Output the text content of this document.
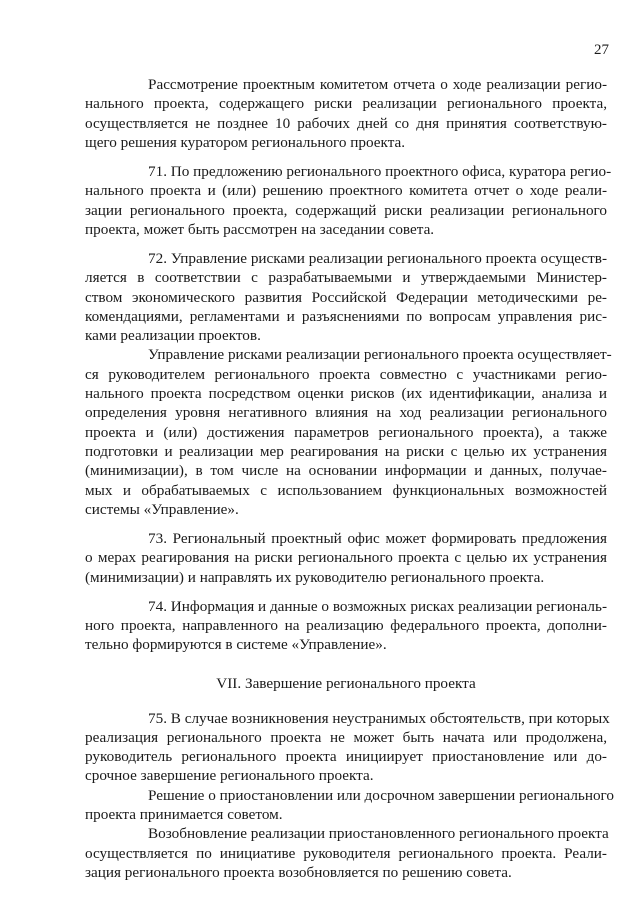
27
Рассмотрение проектным комитетом отчета о ходе реализации регио-
нального проекта, содержащего риски реализации регионального проекта,
осуществляется не позднее 10 рабочих дней со дня принятия соответствую-
щего решения куратором регионального проекта.
71. По предложению регионального проектного офиса, куратора регио-
нального проекта и (или) решению проектного комитета отчет о ходе реали-
зации регионального проекта, содержащий риски реализации регионального
проекта, может быть рассмотрен на заседании совета.
72. Управление рисками реализации регионального проекта осуществ-
ляется в соответствии с разрабатываемыми и утверждаемыми Министер-
ством экономического развития Российской Федерации методическими ре-
комендациями, регламентами и разъяснениями по вопросам управления рис-
ками реализации проектов.
Управление рисками реализации регионального проекта осуществляет-
ся руководителем регионального проекта совместно с участниками регио-
нального проекта посредством оценки рисков (их идентификации, анализа и
определения уровня негативного влияния на ход реализации регионального
проекта и (или) достижения параметров регионального проекта), а также
подготовки и реализации мер реагирования на риски с целью их устранения
(минимизации), в том числе на основании информации и данных, получае-
мых и обрабатываемых с использованием функциональных возможностей
системы «Управление».
73. Региональный проектный офис может формировать предложения
о мерах реагирования на риски регионального проекта с целью их устранения
(минимизации) и направлять их руководителю регионального проекта.
74. Информация и данные о возможных рисках реализации региональ-
ного проекта, направленного на реализацию федерального проекта, дополни-
тельно формируются в системе «Управление».
VII. Завершение регионального проекта
75. В случае возникновения неустранимых обстоятельств, при которых
реализация регионального проекта не может быть начата или продолжена,
руководитель регионального проекта инициирует приостановление или до-
срочное завершение регионального проекта.
Решение о приостановлении или досрочном завершении регионального
проекта принимается советом.
Возобновление реализации приостановленного регионального проекта
осуществляется по инициативе руководителя регионального проекта. Реали-
зация регионального проекта возобновляется по решению совета.
